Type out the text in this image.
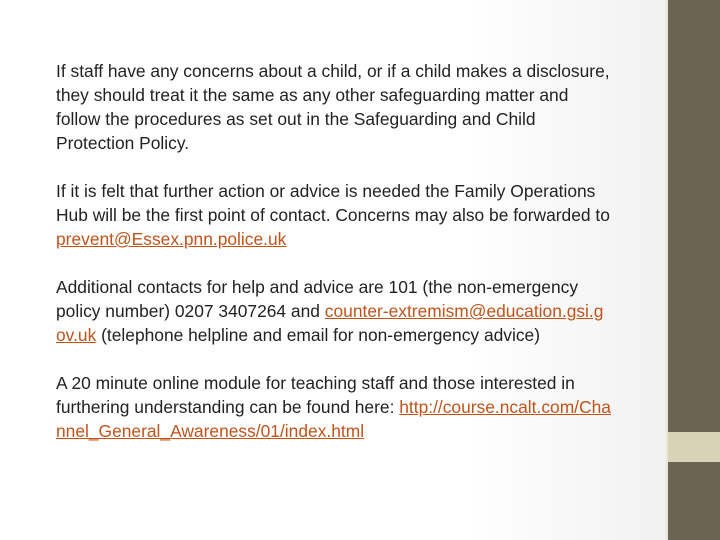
If staff have any concerns about a child, or if a child makes a disclosure, they should treat it the same as any other safeguarding matter and follow the procedures as set out in the Safeguarding and Child Protection Policy.

If it is felt that further action or advice is needed the Family Operations Hub will be the first point of contact. Concerns may also be forwarded to prevent@Essex.pnn.police.uk

Additional contacts for help and advice are 101 (the non-emergency policy number) 0207 3407264 and counter-extremism@education.gsi.gov.uk (telephone helpline and email for non-emergency advice)

A 20 minute online module for teaching staff and those interested in furthering understanding can be found here: http://course.ncalt.com/Channel_General_Awareness/01/index.html
